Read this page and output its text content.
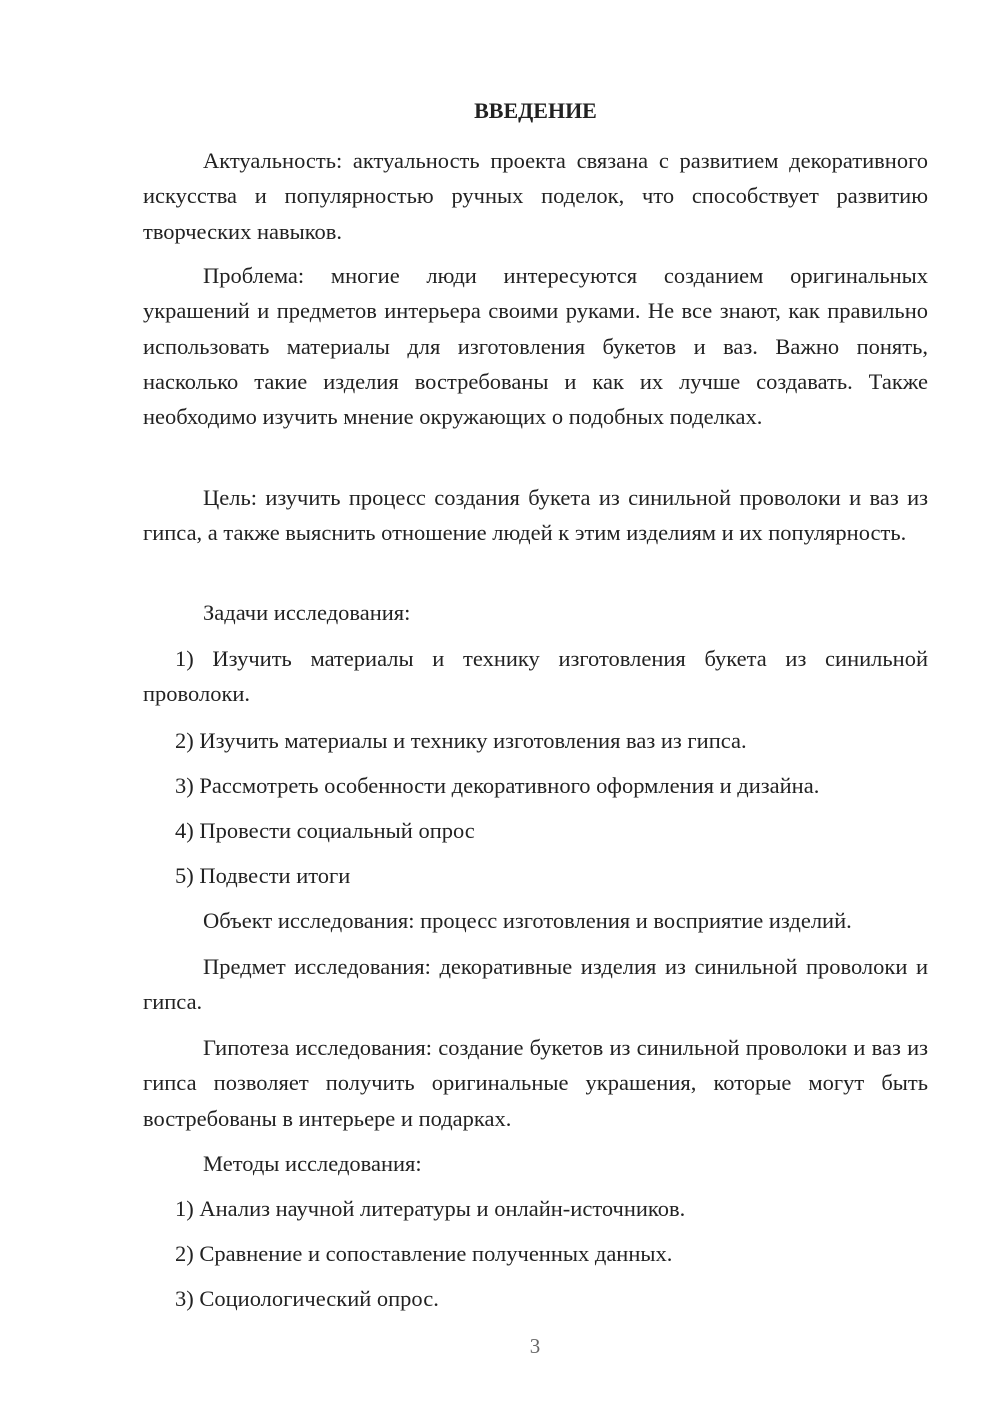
ВВЕДЕНИЕ

Актуальность: актуальность проекта связана с развитием декоративного искусства и популярностью ручных поделок, что способствует развитию творческих навыков.

Проблема: многие люди интересуются созданием оригинальных украшений и предметов интерьера своими руками. Не все знают, как правильно использовать материалы для изготовления букетов и ваз. Важно понять, насколько такие изделия востребованы и как их лучше создавать. Также необходимо изучить мнение окружающих о подобных поделках.

Цель: изучить процесс создания букета из синильной проволоки и ваз из гипса, а также выяснить отношение людей к этим изделиям и их популярность.

Задачи исследования:

1) Изучить материалы и технику изготовления букета из синильной проволоки.

2) Изучить материалы и технику изготовления ваз из гипса.

3) Рассмотреть особенности декоративного оформления и дизайна.

4) Провести социальный опрос

5) Подвести итоги

Объект исследования: процесс изготовления и восприятие изделий.

Предмет исследования: декоративные изделия из синильной проволоки и гипса.

Гипотеза исследования: создание букетов из синильной проволоки и ваз из гипса позволяет получить оригинальные украшения, которые могут быть востребованы в интерьере и подарках.

Методы исследования:

1) Анализ научной литературы и онлайн-источников.

2) Сравнение и сопоставление полученных данных.

3) Социологический опрос.

3
